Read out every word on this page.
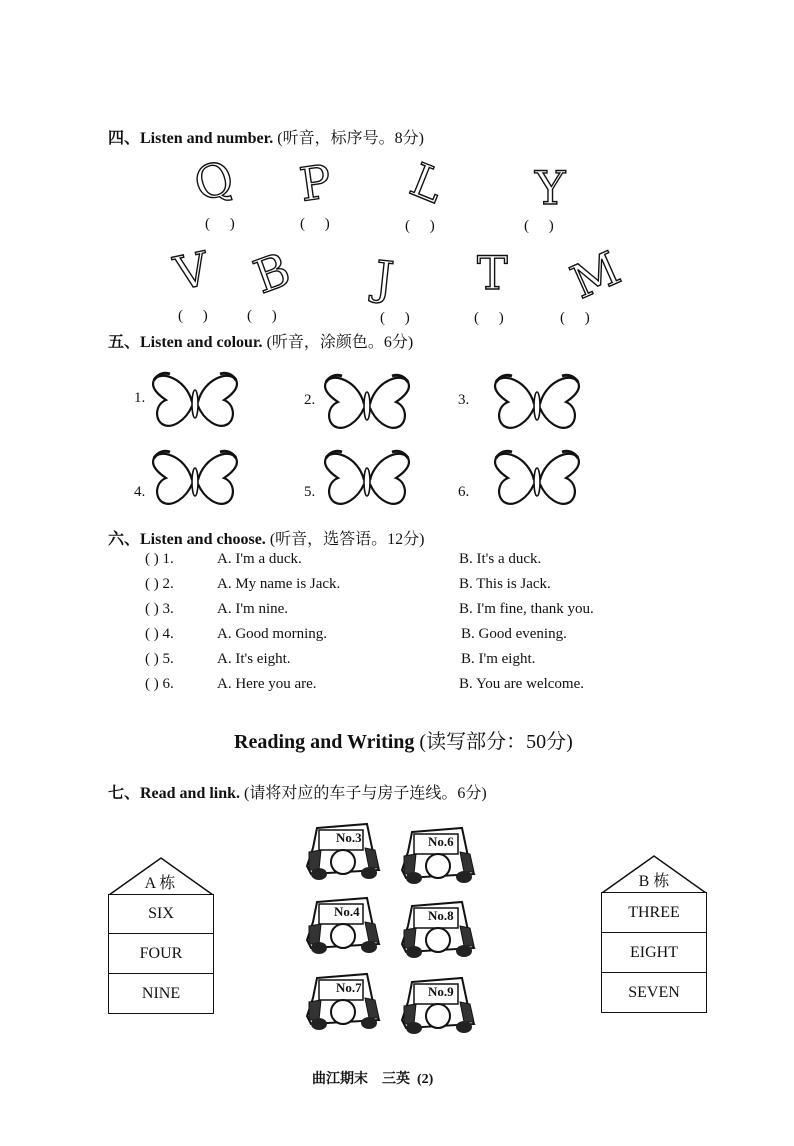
四、Listen and number. (听音，标序号。8分)
Q P L Y
( )	( )	( )	( )
V B J T M
( ) ( )	( )	( )	( )
五、Listen and colour. (听音，涂颜色。6分)
1.	2.	3.
4.	5.	6.
六、Listen and choose. (听音，选答语。12分)
( ) 1.	A. I'm a duck.	B. It's a duck.
( ) 2.	A. My name is Jack.	B. This is Jack.
( ) 3.	A. I'm nine.	B. I'm fine, thank you.
( ) 4.	A. Good morning.	B. Good evening.
( ) 5.	A. It's eight.	B. I'm eight.
( ) 6.	A. Here you are.	B. You are welcome.
Reading and Writing (读写部分：50分)
七、Read and link. (请将对应的车子与房子连线。6分)
A 栋
SIX
FOUR
NINE
B 栋
THREE
EIGHT
SEVEN
No.3	No.6
No.4	No.8
No.7	No.9
曲江期末    三英  (2)
